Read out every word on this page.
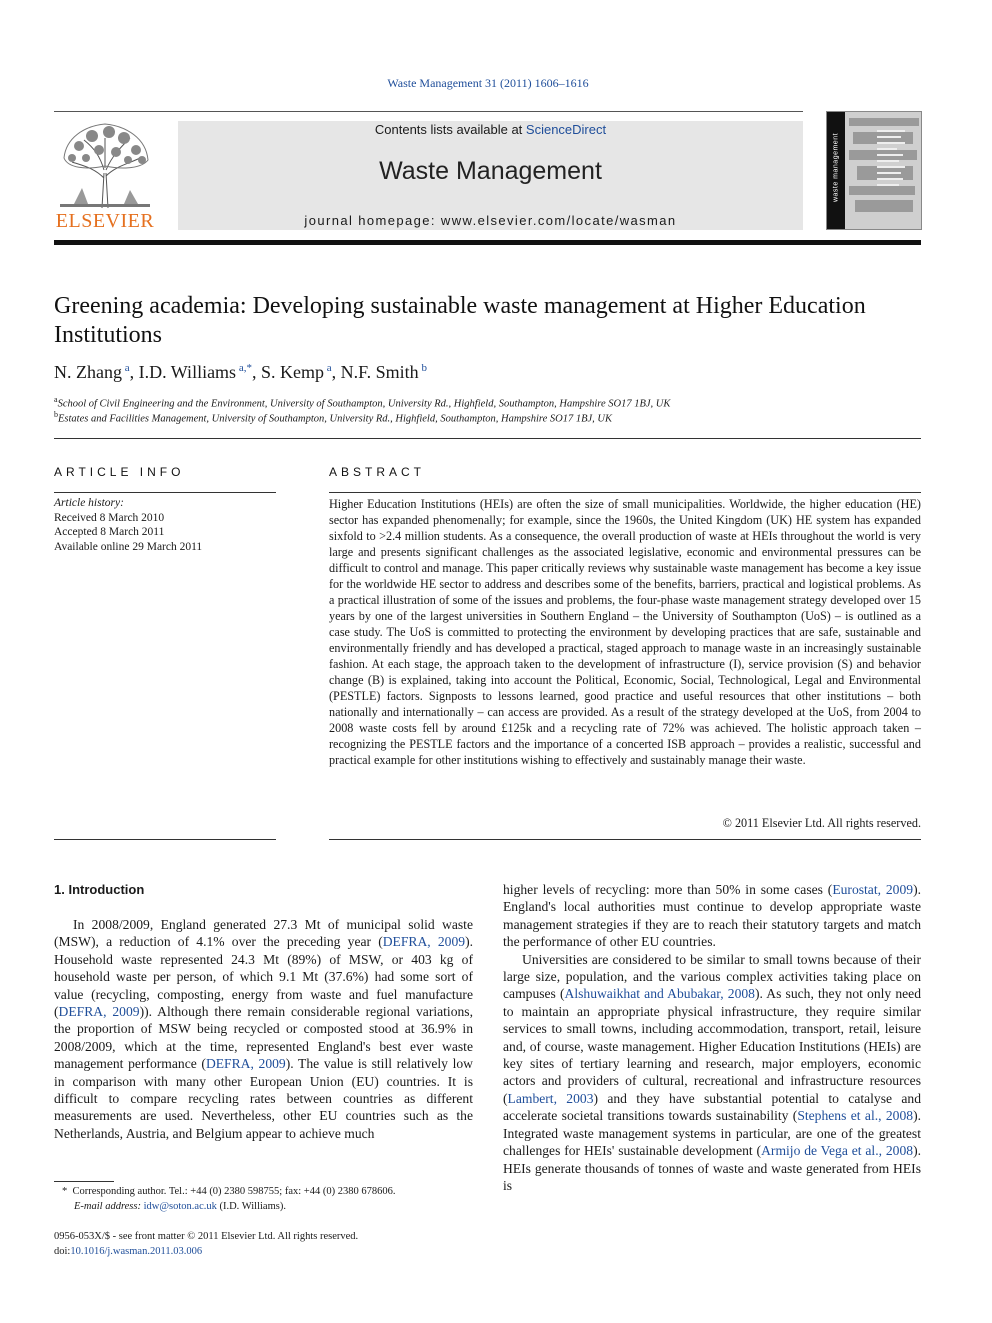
Waste Management 31 (2011) 1606–1616
ELSEVIER
Contents lists available at ScienceDirect
Waste Management
journal homepage: www.elsevier.com/locate/wasman
waste management
Greening academia: Developing sustainable waste management at Higher Education Institutions
N. Zhang $^a$, I.D. Williams $^{a,*}$, S. Kemp $^a$, N.F. Smith $^b$
$^a$School of Civil Engineering and the Environment, University of Southampton, University Rd., Highfield, Southampton, Hampshire SO17 1BJ, UK
$^b$Estates and Facilities Management, University of Southampton, University Rd., Highfield, Southampton, Hampshire SO17 1BJ, UK
ARTICLE INFO
Article history:
Received 8 March 2010
Accepted 8 March 2011
Available online 29 March 2011
ABSTRACT

Higher Education Institutions (HEIs) are often the size of small municipalities. Worldwide, the higher education (HE) sector has expanded phenomenally; for example, since the 1960s, the United Kingdom (UK) HE system has expanded sixfold to >2.4 million students. As a consequence, the overall production of waste at HEIs throughout the world is very large and presents significant challenges as the associated legislative, economic and environmental pressures can be difficult to control and manage. This paper critically reviews why sustainable waste management has become a key issue for the worldwide HE sector to address and describes some of the benefits, barriers, practical and logistical problems. As a practical illustration of some of the issues and problems, the four-phase waste management strategy developed over 15 years by one of the largest universities in Southern England – the University of Southampton (UoS) – is outlined as a case study. The UoS is committed to protecting the environment by developing practices that are safe, sustainable and environmentally friendly and has developed a practical, staged approach to manage waste in an increasingly sustainable fashion. At each stage, the approach taken to the development of infrastructure (I), service provision (S) and behavior change (B) is explained, taking into account the Political, Economic, Social, Technological, Legal and Environmental (PESTLE) factors. Signposts to lessons learned, good practice and useful resources that other institutions – both nationally and internationally – can access are provided. As a result of the strategy developed at the UoS, from 2004 to 2008 waste costs fell by around £125k and a recycling rate of 72% was achieved. The holistic approach taken – recognizing the PESTLE factors and the importance of a concerted ISB approach – provides a realistic, successful and practical example for other institutions wishing to effectively and sustainably manage their waste.

© 2011 Elsevier Ltd. All rights reserved.
1. Introduction

In 2008/2009, England generated 27.3 Mt of municipal solid waste (MSW), a reduction of 4.1% over the preceding year (DEFRA, 2009). Household waste represented 24.3 Mt (89%) of MSW, or 403 kg of household waste per person, of which 9.1 Mt (37.6%) had some sort of value (recycling, composting, energy from waste and fuel manufacture (DEFRA, 2009)). Although there remain considerable regional variations, the proportion of MSW being recycled or composted stood at 36.9% in 2008/2009, which at the time, represented England's best ever waste management performance (DEFRA, 2009). The value is still relatively low in comparison with many other European Union (EU) countries. It is difficult to compare recycling rates between countries as different measurements are used. Nevertheless, other EU countries such as the Netherlands, Austria, and Belgium appear to achieve much

higher levels of recycling: more than 50% in some cases (Eurostat, 2009). England's local authorities must continue to develop appropriate waste management strategies if they are to reach their statutory targets and match the performance of other EU countries.

Universities are considered to be similar to small towns because of their large size, population, and the various complex activities taking place on campuses (Alshuwaikhat and Abubakar, 2008). As such, they not only need to maintain an appropriate physical infrastructure, they require similar services to small towns, including accommodation, transport, retail, leisure and, of course, waste management. Higher Education Institutions (HEIs) are key sites of tertiary learning and research, major employers, economic actors and providers of cultural, recreational and infrastructure resources (Lambert, 2003) and they have substantial potential to catalyse and accelerate societal transitions towards sustainability (Stephens et al., 2008). Integrated waste management systems in particular, are one of the greatest challenges for HEIs' sustainable development (Armijo de Vega et al., 2008). HEIs generate thousands of tonnes of waste and waste generated from HEIs is

* Corresponding author. Tel.: +44 (0) 2380 598755; fax: +44 (0) 2380 678606.
E-mail address: idw@soton.ac.uk (I.D. Williams).
0956-053X/$ - see front matter © 2011 Elsevier Ltd. All rights reserved.
doi:10.1016/j.wasman.2011.03.006
